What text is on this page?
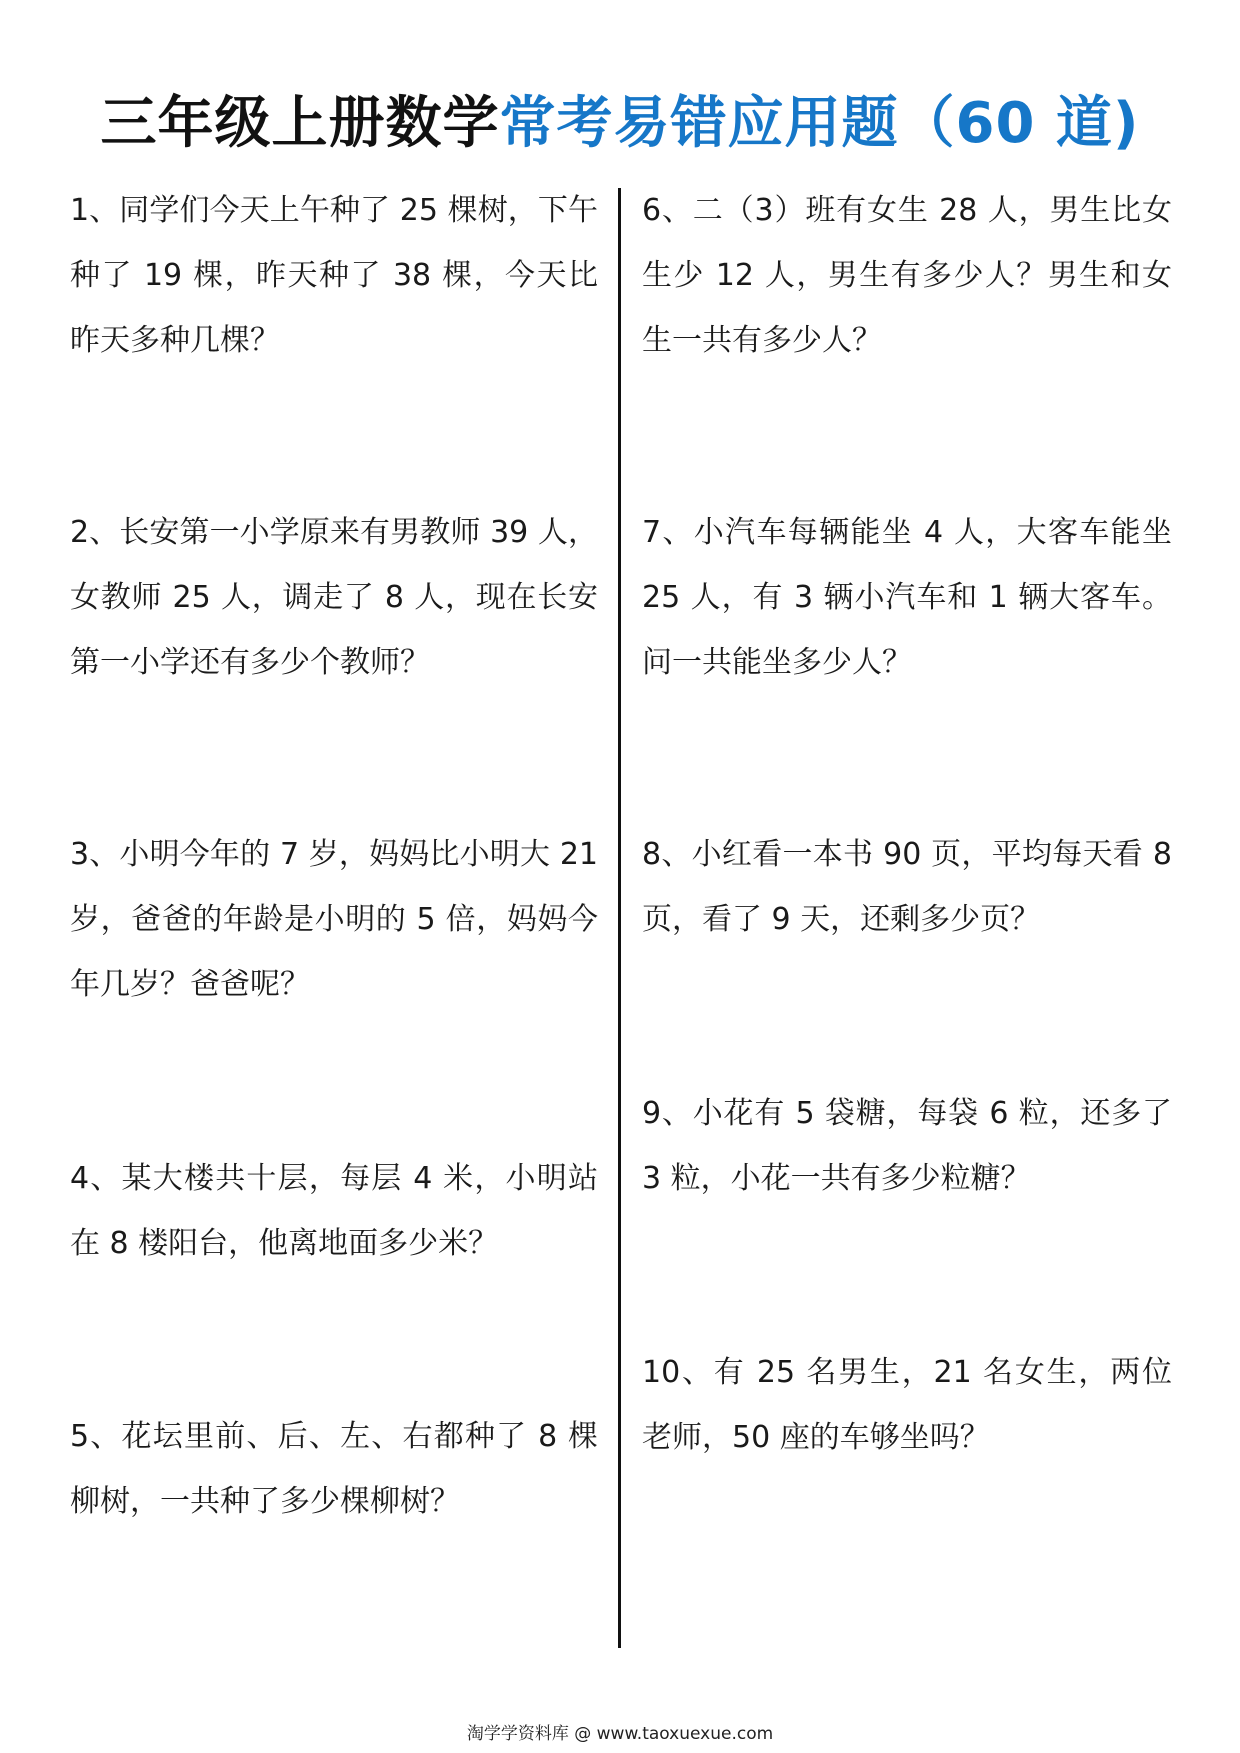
三年级上册数学常考易错应用题（60 道)
1、同学们今天上午种了 25 棵树，下午种了 19 棵，昨天种了 38 棵，今天比昨天多种几棵？
2、长安第一小学原来有男教师 39 人，女教师 25 人，调走了 8 人，现在长安第一小学还有多少个教师？
3、小明今年的 7 岁，妈妈比小明大 21 岁，爸爸的年龄是小明的 5 倍，妈妈今年几岁？爸爸呢？
4、某大楼共十层，每层 4 米，小明站在 8 楼阳台，他离地面多少米？
5、花坛里前、后、左、右都种了 8 棵柳树，一共种了多少棵柳树？
6、二（3）班有女生 28 人，男生比女生少 12 人，男生有多少人？男生和女生一共有多少人？
7、小汽车每辆能坐 4 人，大客车能坐 25 人，有 3 辆小汽车和 1 辆大客车。问一共能坐多少人？
8、小红看一本书 90 页，平均每天看 8 页，看了 9 天，还剩多少页？
9、小花有 5 袋糖，每袋 6 粒，还多了 3 粒，小花一共有多少粒糖？
10、有 25 名男生，21 名女生，两位老师，50 座的车够坐吗？
淘学学资料库 @ www.taoxuexue.com
